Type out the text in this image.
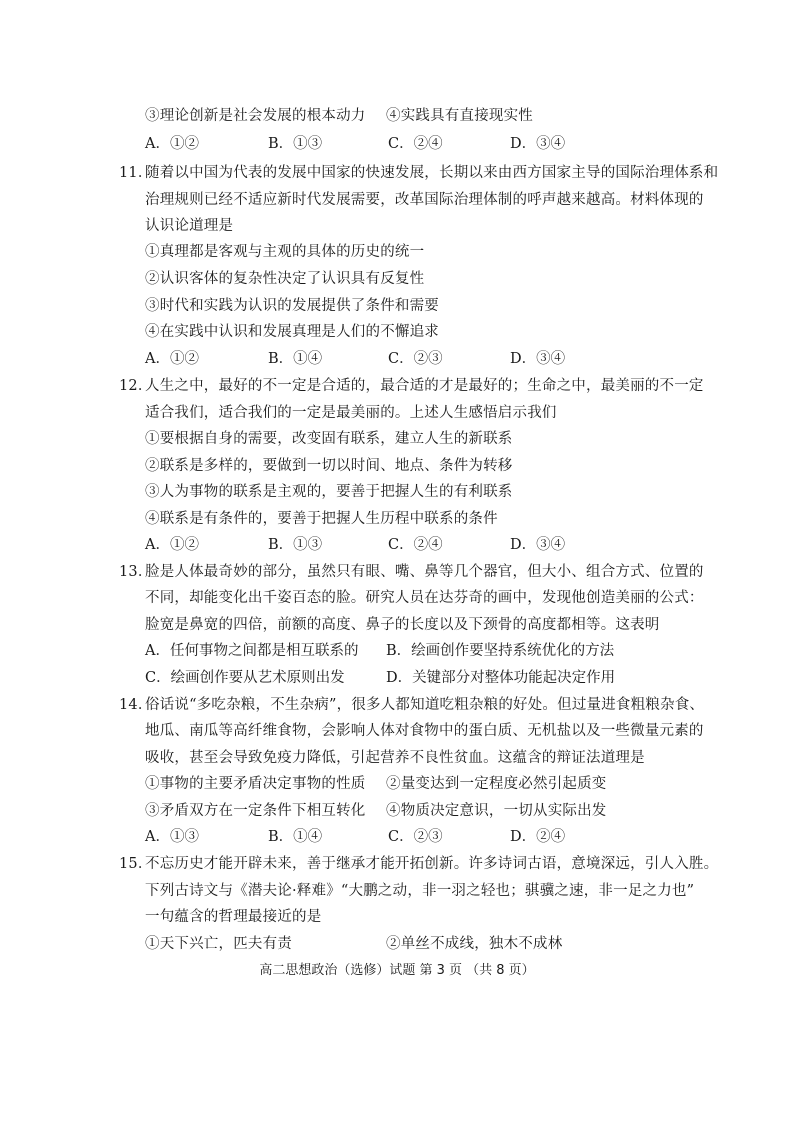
③理论创新是社会发展的根本动力 ④实践具有直接现实性
A．①②	B．①③	C．②④	D．③④
11．
随着以中国为代表的发展中国家的快速发展，长期以来由西方国家主导的国际治理体系和
治理规则已经不适应新时代发展需要，改革国际治理体制的呼声越来越高。材料体现的
认识论道理是
①真理都是客观与主观的具体的历史的统一
②认识客体的复杂性决定了认识具有反复性
③时代和实践为认识的发展提供了条件和需要
④在实践中认识和发展真理是人们的不懈追求
A．①②	B．①④	C．②③	D．③④
12．
人生之中，最好的不一定是合适的，最合适的才是最好的；生命之中，最美丽的不一定
适合我们，适合我们的一定是最美丽的。上述人生感悟启示我们
①要根据自身的需要，改变固有联系，建立人生的新联系
②联系是多样的，要做到一切以时间、地点、条件为转移
③人为事物的联系是主观的，要善于把握人生的有利联系
④联系是有条件的，要善于把握人生历程中联系的条件
A．①②	B．①③	C．②④	D．③④
13．
脸是人体最奇妙的部分，虽然只有眼、嘴、鼻等几个器官，但大小、组合方式、位置的
不同，却能变化出千姿百态的脸。研究人员在达芬奇的画中，发现他创造美丽的公式：
脸宽是鼻宽的四倍，前额的高度、鼻子的长度以及下颈骨的高度都相等。这表明
A．任何事物之间都是相互联系的 B．绘画创作要坚持系统优化的方法
C．绘画创作要从艺术原则出发	D．关键部分对整体功能起决定作用
14．
俗话说“多吃杂粮，不生杂病”，很多人都知道吃粗杂粮的好处。但过量进食粗粮杂食、
地瓜、南瓜等高纤维食物，会影响人体对食物中的蛋白质、无机盐以及一些微量元素的
吸收，甚至会导致免疫力降低，引起营养不良性贫血。这蕴含的辩证法道理是
①事物的主要矛盾决定事物的性质 ②量变达到一定程度必然引起质变
③矛盾双方在一定条件下相互转化 ④物质决定意识，一切从实际出发
A．①③	B．①④	C．②③	D．②④
15．
不忘历史才能开辟未来，善于继承才能开拓创新。许多诗词古语，意境深远，引人入胜。
下列古诗文与《潜夫论·释难》“大鹏之动，非一羽之轻也；骐骥之速，非一足之力也”
一句蕴含的哲理最接近的是
①天下兴亡，匹夫有责	②单丝不成线，独木不成林
高二思想政治（选修）试题 第 3 页 （共 8 页）
